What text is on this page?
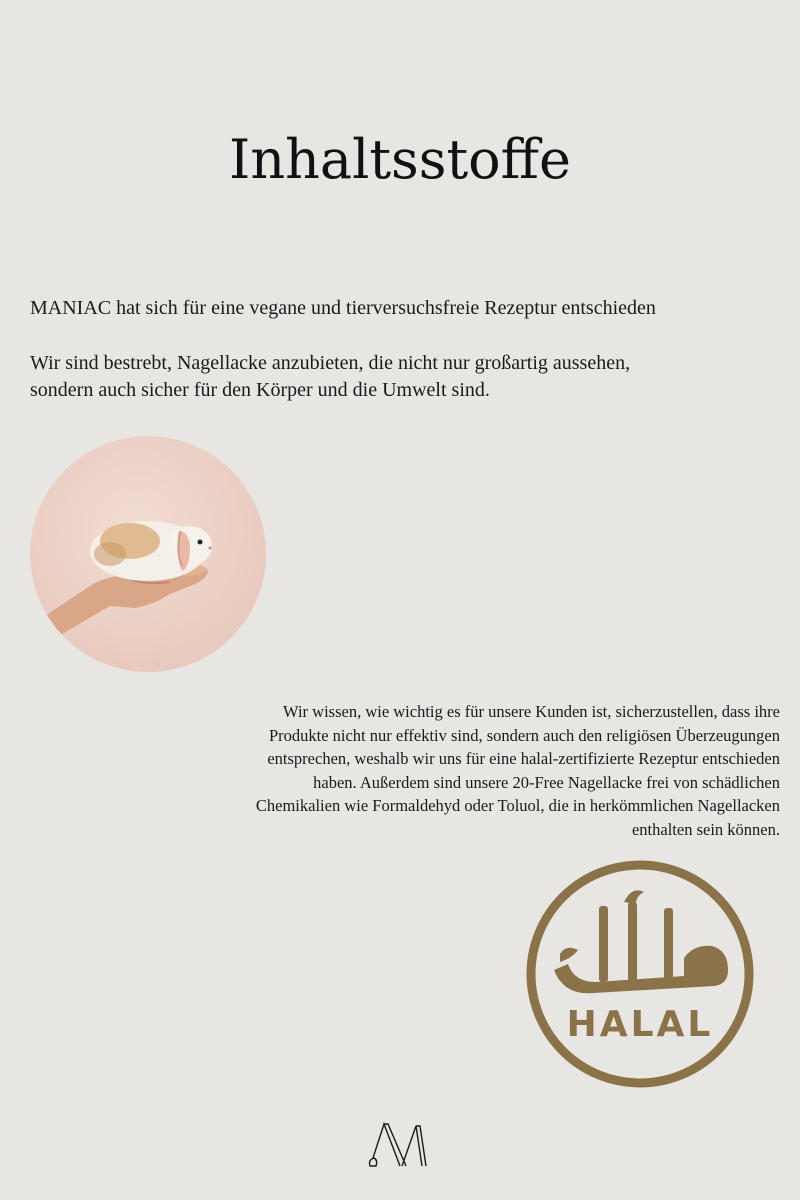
Inhaltsstoffe

MANIAC hat sich für eine vegane und tierversuchsfreie Rezeptur entschieden

Wir sind bestrebt, Nagellacke anzubieten, die nicht nur großartig aussehen,
sondern auch sicher für den Körper und die Umwelt sind.

Wir wissen, wie wichtig es für unsere Kunden ist, sicherzustellen, dass ihre
Produkte nicht nur effektiv sind, sondern auch den religiösen Überzeugungen
entsprechen, weshalb wir uns für eine halal-zertifizierte Rezeptur entschieden
haben. Außerdem sind unsere 20-Free Nagellacke frei von schädlichen
Chemikalien wie Formaldehyd oder Toluol, die in herkömmlichen Nagellacken
enthalten sein können.
HALAL
